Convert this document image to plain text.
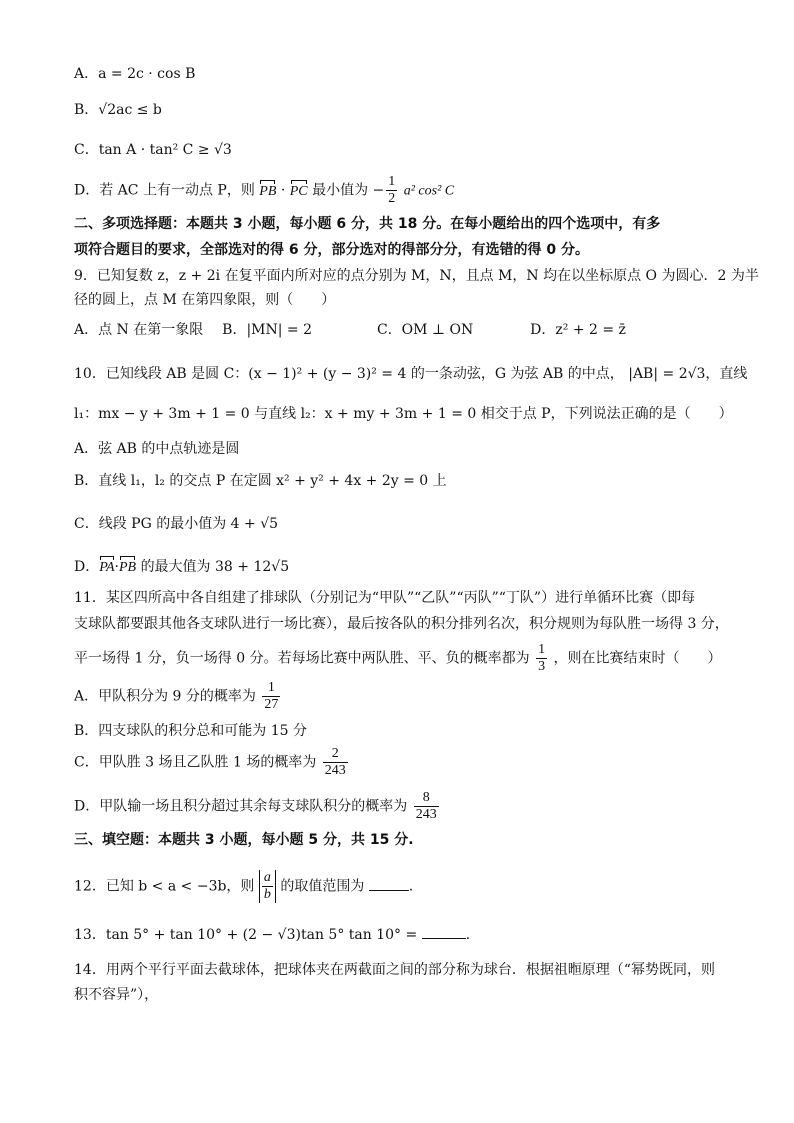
A．a = 2c · cos B
B．√2ac ≤ b
C．tan A · tan² C ≥ √3
D．若 AC 上有一动点 P，则 PB · PC 最小值为 − $\frac{1}{2} a^2$ cos² C
二、多项选择题：本题共 3 小题，每小题 6 分，共 18 分。在每小题给出的四个选项中，有多
项符合题目的要求，全部选对的得 6 分，部分选对的得部分分，有选错的得 0 分。
9．已知复数 z，z + 2i 在复平面内所对应的点分别为 M，N，且点 M，N 均在以坐标原点 O 为圆心．2 为半
径的圆上，点 M 在第四象限，则（　　）
A．点 N 在第一象限 B．|MN| = 2	C．OM ⊥ ON	D．z² + 2 = z̄
10．已知线段 AB 是圆 C：(x − 1)² + (y − 3)² = 4 的一条动弦，G 为弦 AB 的中点， |AB| = 2√3，直线
l₁：mx − y + 3m + 1 = 0 与直线 l₂：x + my + 3m + 1 = 0 相交于点 P，下列说法正确的是（　　）
A．弦 AB 的中点轨迹是圆
B．直线 l₁，l₂ 的交点 P 在定圆 x² + y² + 4x + 2y = 0 上
C．线段 PG 的最小值为 4 + √5
D．PA·PB 的最大值为 38 + 12√5
11．某区四所高中各自组建了排球队（分别记为“甲队”“乙队”“丙队”“丁队”）进行单循环比赛（即每
支球队都要跟其他各支球队进行一场比赛），最后按各队的积分排列名次，积分规则为每队胜一场得 3 分，
平一场得 1 分，负一场得 0 分。若每场比赛中两队胜、平、负的概率都为 $\frac{1}{3}$ ，则在比赛结束时（　　）
A．甲队积分为 9 分的概率为 $\frac{1}{27}$
B．四支球队的积分总和可能为 15 分
C．甲队胜 3 场且乙队胜 1 场的概率为 $\frac{2}{243}$
D．甲队输一场且积分超过其余每支球队积分的概率为 $\frac{8}{243}$
三、填空题：本题共 3 小题，每小题 5 分，共 15 分.
12．已知 b < a < −3b，则 $\frac{a}{b}$ 的取值范围为	.
13．tan 5° + tan 10° + (2 − √3)tan 5° tan 10° =	.
14．用两个平行平面去截球体，把球体夹在两截面之间的部分称为球台．根据祖暅原理（“幂势既同，则
积不容异”），
